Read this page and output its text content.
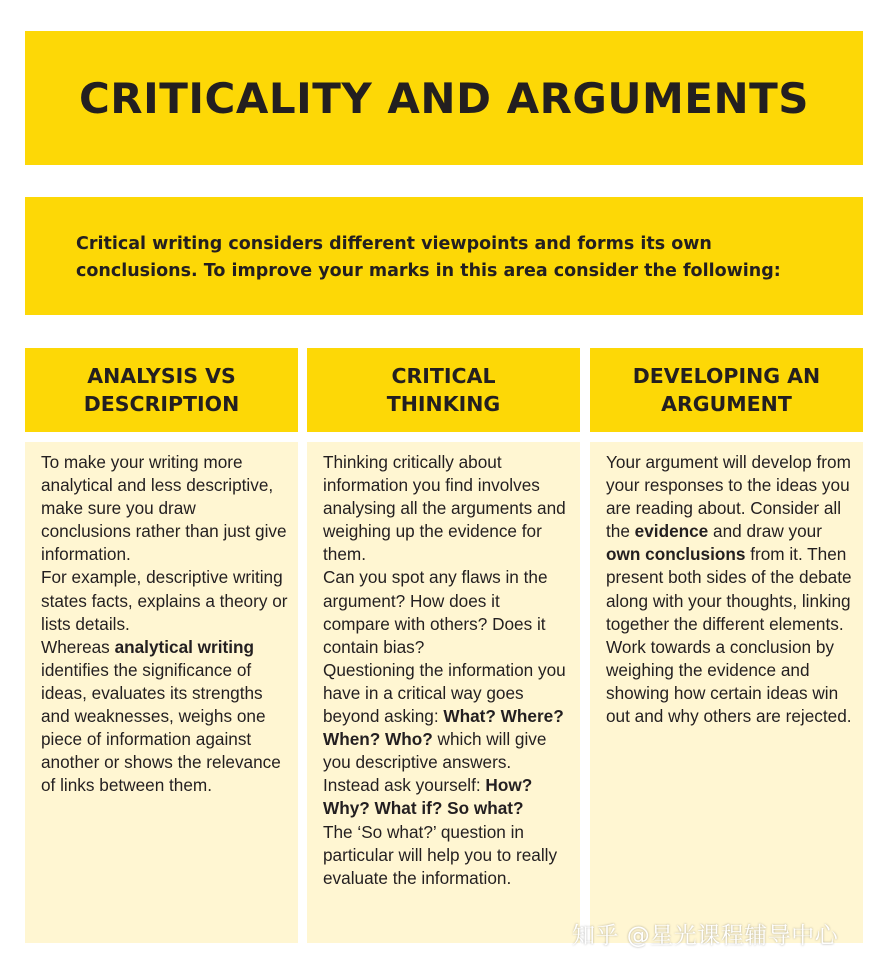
CRITICALITY AND ARGUMENTS

Critical writing considers different viewpoints and forms its own conclusions. To improve your marks in this area consider the following:

ANALYSIS VS
DESCRIPTION

To make your writing more analytical and less descriptive, make sure you draw conclusions rather than just give information.
For example, descriptive writing states facts, explains a theory or lists details.
Whereas analytical writing identifies the significance of ideas, evaluates its strengths and weaknesses, weighs one piece of information against another or shows the relevance of links between them.

CRITICAL
THINKING

Thinking critically about information you find involves analysing all the arguments and weighing up the evidence for them.
Can you spot any flaws in the argument? How does it compare with others? Does it contain bias?
Questioning the information you have in a critical way goes beyond asking: What? Where? When? Who? which will give you descriptive answers.
Instead ask yourself: How? Why? What if? So what?
The ‘So what?’ question in particular will help you to really evaluate the information.

DEVELOPING AN
ARGUMENT

Your argument will develop from your responses to the ideas you are reading about. Consider all the evidence and draw your own conclusions from it. Then present both sides of the debate along with your thoughts, linking together the different elements. Work towards a conclusion by weighing the evidence and showing how certain ideas win out and why others are rejected.

知乎 @星光课程辅导中心
